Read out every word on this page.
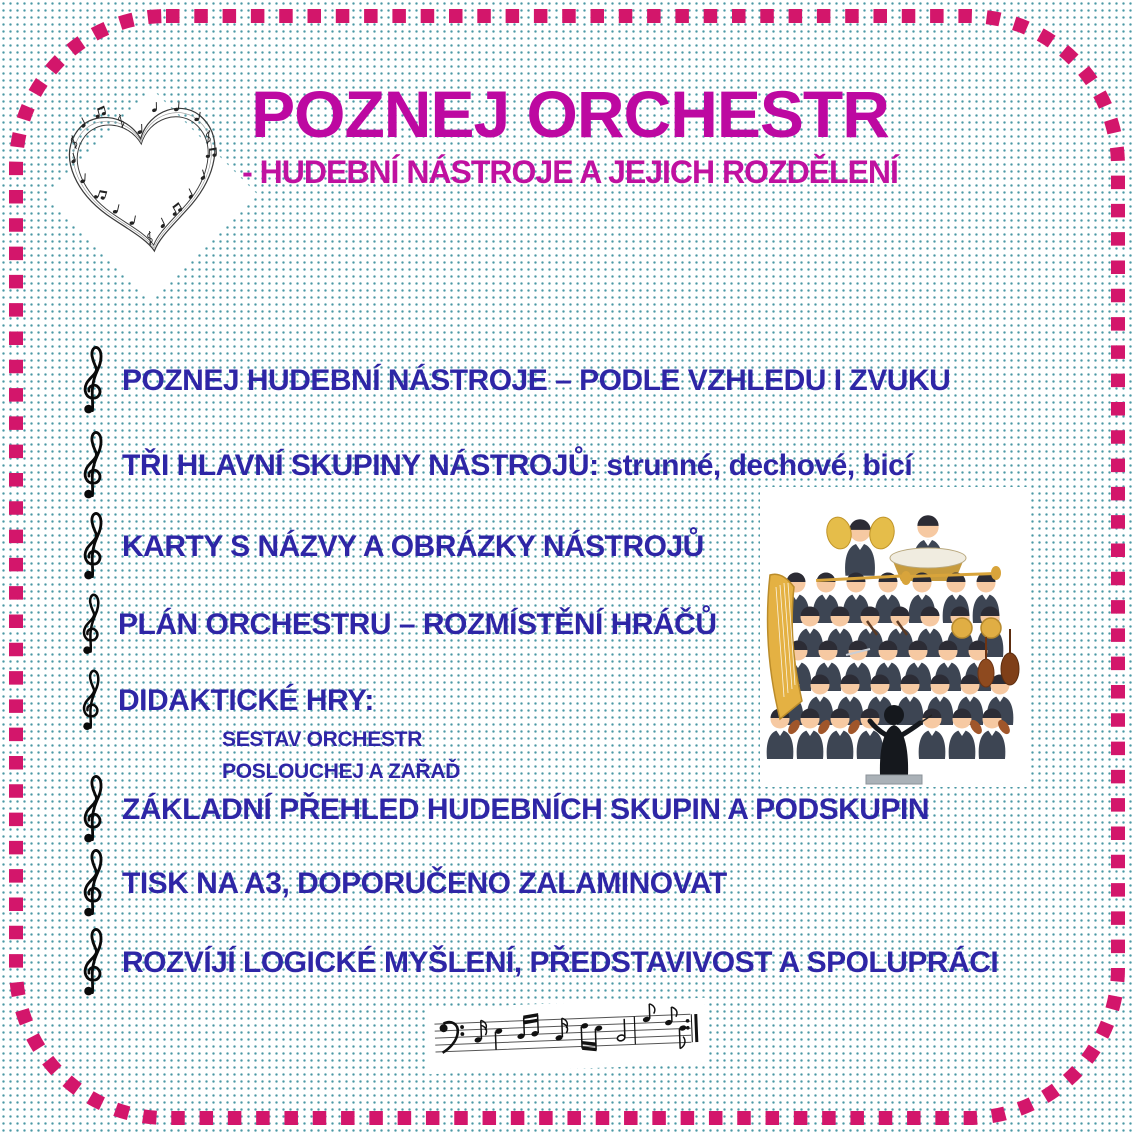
POZNEJ ORCHESTR
- HUDEBNÍ NÁSTROJE A JEJICH ROZDĚLENÍ
POZNEJ HUDEBNÍ NÁSTROJE – PODLE VZHLEDU I ZVUKU
TŘI HLAVNÍ SKUPINY NÁSTROJŮ: strunné, dechové, bicí
KARTY S NÁZVY A OBRÁZKY NÁSTROJŮ
PLÁN ORCHESTRU – ROZMÍSTĚNÍ HRÁČŮ
DIDAKTICKÉ HRY:
SESTAV ORCHESTR
POSLOUCHEJ A ZAŘAĎ
ZÁKLADNÍ PŘEHLED HUDEBNÍCH SKUPIN A PODSKUPIN
TISK NA A3, DOPORUČENO ZALAMINOVAT
ROZVÍJÍ LOGICKÉ MYŠLENÍ, PŘEDSTAVIVOST A SPOLUPRÁCI
